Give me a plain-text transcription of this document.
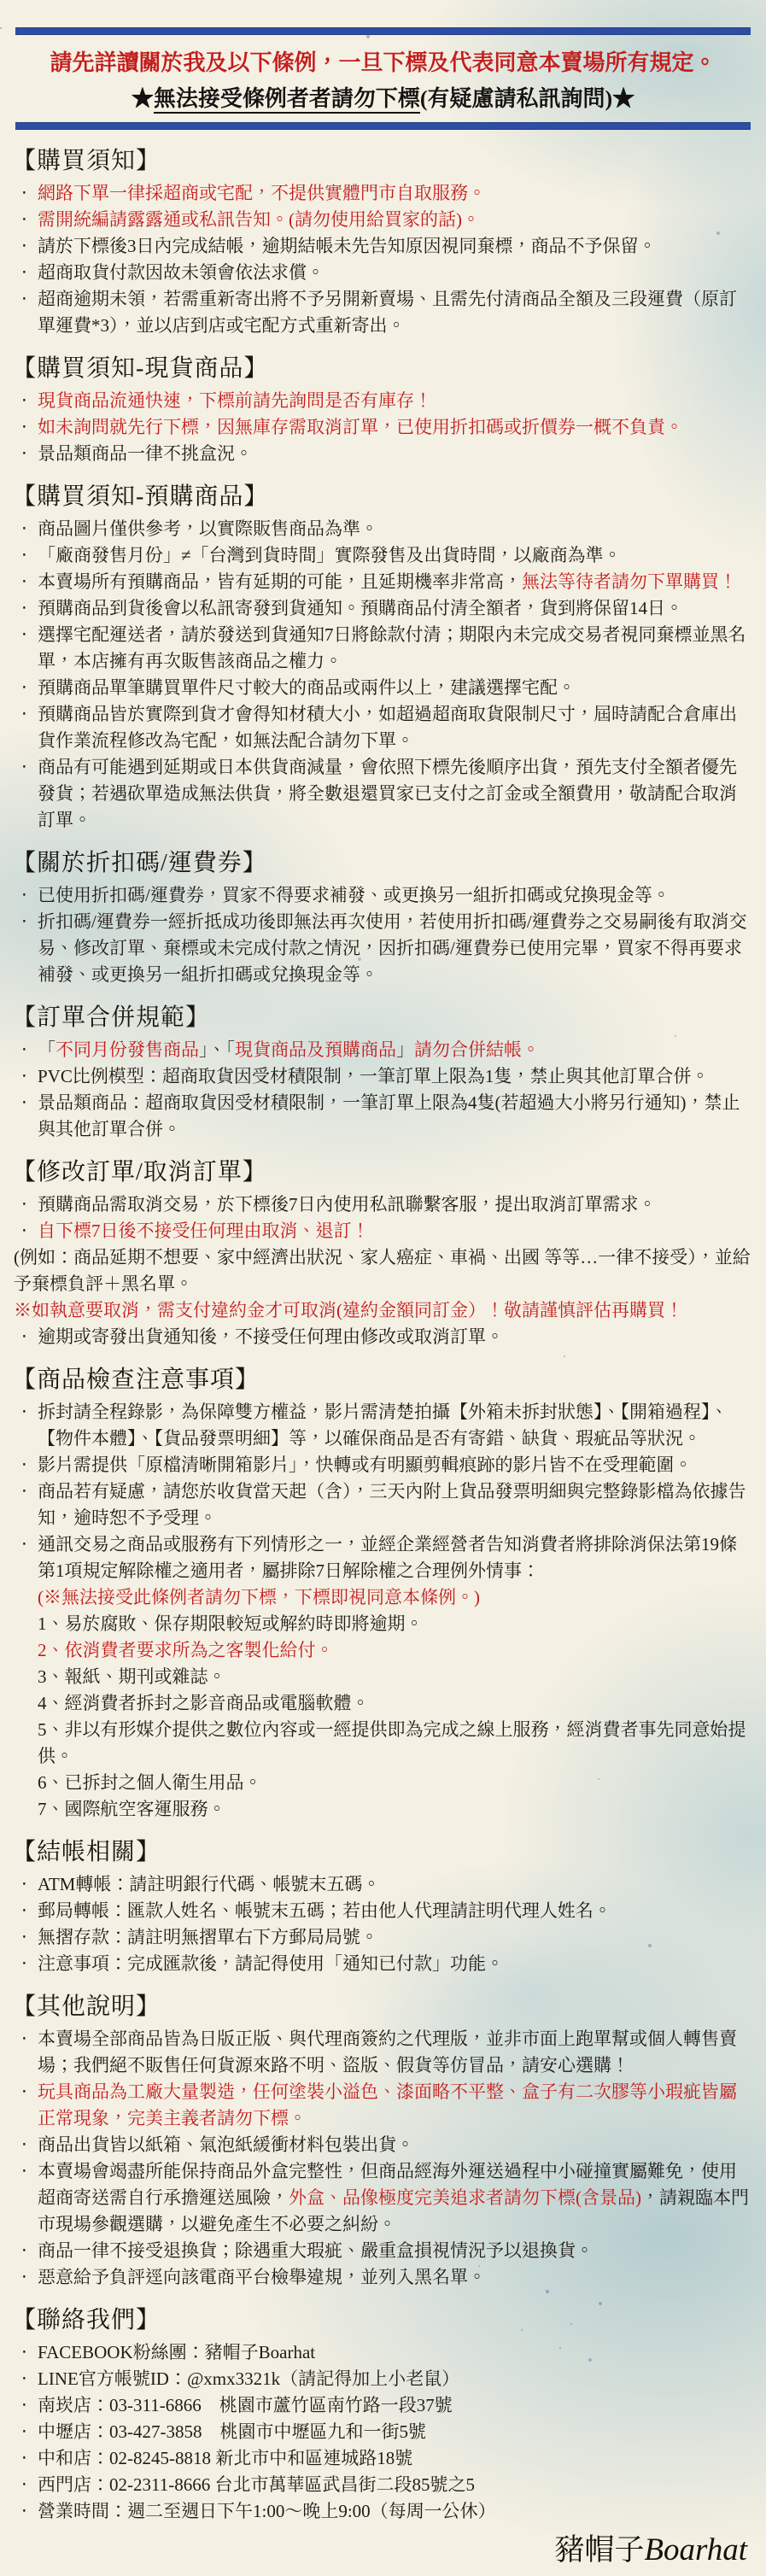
請先詳讀關於我及以下條例，一旦下標及代表同意本賣場所有規定。

★無法接受條例者者請勿下標(有疑慮請私訊詢問)★

【購買須知】

‧ 網路下單一律採超商或宅配，不提供實體門市自取服務。

‧ 需開統編請露露通或私訊告知。(請勿使用給買家的話)。

‧ 請於下標後3日內完成結帳，逾期結帳未先告知原因視同棄標，商品不予保留。

‧ 超商取貨付款因故未領會依法求償。

‧ 超商逾期未領，若需重新寄出將不予另開新賣場、且需先付清商品全額及三段運費（原訂單運費*3），並以店到店或宅配方式重新寄出。

【購買須知-現貨商品】

‧ 現貨商品流通快速，下標前請先詢問是否有庫存！

‧ 如未詢問就先行下標，因無庫存需取消訂單，已使用折扣碼或折價券一概不負責。

‧ 景品類商品一律不挑盒況。

【購買須知-預購商品】

‧ 商品圖片僅供參考，以實際販售商品為準。

‧ 「廠商發售月份」≠「台灣到貨時間」實際發售及出貨時間，以廠商為準。

‧ 本賣場所有預購商品，皆有延期的可能，且延期機率非常高，無法等待者請勿下單購買！

‧ 預購商品到貨後會以私訊寄發到貨通知。預購商品付清全額者，貨到將保留14日。

‧ 選擇宅配運送者，請於發送到貨通知7日將餘款付清；期限內未完成交易者視同棄標並黑名單，本店擁有再次販售該商品之權力。

‧ 預購商品單筆購買單件尺寸較大的商品或兩件以上，建議選擇宅配。

‧ 預購商品皆於實際到貨才會得知材積大小，如超過超商取貨限制尺寸，屆時請配合倉庫出貨作業流程修改為宅配，如無法配合請勿下單。

‧ 商品有可能遇到延期或日本供貨商減量，會依照下標先後順序出貨，預先支付全額者優先發貨；若遇砍單造成無法供貨，將全數退還買家已支付之訂金或全額費用，敬請配合取消訂單。

【關於折扣碼/運費券】

‧ 已使用折扣碼/運費券，買家不得要求補發、或更換另一組折扣碼或兌換現金等。

‧ 折扣碼/運費券一經折抵成功後即無法再次使用，若使用折扣碼/運費券之交易嗣後有取消交易、修改訂單、棄標或未完成付款之情況，因折扣碼/運費券已使用完畢，買家不得再要求補發、或更換另一組折扣碼或兌換現金等。

【訂單合併規範】

‧ 「不同月份發售商品」、「現貨商品及預購商品」請勿合併結帳。

‧ PVC比例模型：超商取貨因受材積限制，一筆訂單上限為1隻，禁止與其他訂單合併。

‧ 景品類商品：超商取貨因受材積限制，一筆訂單上限為4隻(若超過大小將另行通知)，禁止與其他訂單合併。

【修改訂單/取消訂單】

‧ 預購商品需取消交易，於下標後7日內使用私訊聯繫客服，提出取消訂單需求。

‧ 自下標7日後不接受任何理由取消、退訂！

(例如：商品延期不想要、家中經濟出狀況、家人癌症、車禍、出國 等等…一律不接受），並給予棄標負評＋黑名單。

※如執意要取消，需支付違約金才可取消(違約金額同訂金）！敬請謹慎評估再購買！

‧ 逾期或寄發出貨通知後，不接受任何理由修改或取消訂單。

【商品檢查注意事項】

‧ 拆封請全程錄影，為保障雙方權益，影片需清楚拍攝【外箱未拆封狀態】、【開箱過程】、【物件本體】、【貨品發票明細】等，以確保商品是否有寄錯、缺貨、瑕疵品等狀況。

‧ 影片需提供「原檔清晰開箱影片」，快轉或有明顯剪輯痕跡的影片皆不在受理範圍。

‧ 商品若有疑慮，請您於收貨當天起（含），三天內附上貨品發票明細與完整錄影檔為依據告知，逾時恕不予受理。

‧ 通訊交易之商品或服務有下列情形之一，並經企業經營者告知消費者將排除消保法第19條第1項規定解除權之適用者，屬排除7日解除權之合理例外情事：

(※無法接受此條例者請勿下標，下標即視同意本條例。)

1、易於腐敗、保存期限較短或解約時即將逾期。

2、依消費者要求所為之客製化給付。

3、報紙、期刊或雜誌。

4、經消費者拆封之影音商品或電腦軟體。

5、非以有形媒介提供之數位內容或一經提供即為完成之線上服務，經消費者事先同意始提供。

6、已拆封之個人衛生用品。

7、國際航空客運服務。

【結帳相關】

‧ ATM轉帳：請註明銀行代碼、帳號末五碼。

‧ 郵局轉帳：匯款人姓名、帳號末五碼；若由他人代理請註明代理人姓名。

‧ 無摺存款：請註明無摺單右下方郵局局號。

‧ 注意事項：完成匯款後，請記得使用「通知已付款」功能。

【其他說明】

‧ 本賣場全部商品皆為日版正版、與代理商簽約之代理版，並非市面上跑單幫或個人轉售賣場；我們絕不販售任何貨源來路不明、盜版、假貨等仿冒品，請安心選購！

‧ 玩具商品為工廠大量製造，任何塗裝小溢色、漆面略不平整、盒子有二次膠等小瑕疵皆屬正常現象，完美主義者請勿下標。

‧ 商品出貨皆以紙箱、氣泡紙緩衝材料包裝出貨。

‧ 本賣場會竭盡所能保持商品外盒完整性，但商品經海外運送過程中小碰撞實屬難免，使用超商寄送需自行承擔運送風險，外盒、品像極度完美追求者請勿下標(含景品)，請親臨本門市現場參觀選購，以避免產生不必要之糾紛。

‧ 商品一律不接受退換貨；除遇重大瑕疵、嚴重盒損視情況予以退換貨。

‧ 惡意給予負評逕向該電商平台檢舉違規，並列入黑名單。

【聯絡我們】

‧ FACEBOOK粉絲團：豬帽子Boarhat

‧ LINE官方帳號ID：@xmx3321k（請記得加上小老鼠）

‧ 南崁店：03-311-6866　桃園市蘆竹區南竹路一段37號

‧ 中壢店：03-427-3858　桃園市中壢區九和一街5號

‧ 中和店：02-8245-8818 新北市中和區連城路18號

‧ 西門店：02-2311-8666 台北市萬華區武昌街二段85號之5

‧ 營業時間：週二至週日下午1:00～晚上9:00（每周一公休）

豬帽子Boarhat
